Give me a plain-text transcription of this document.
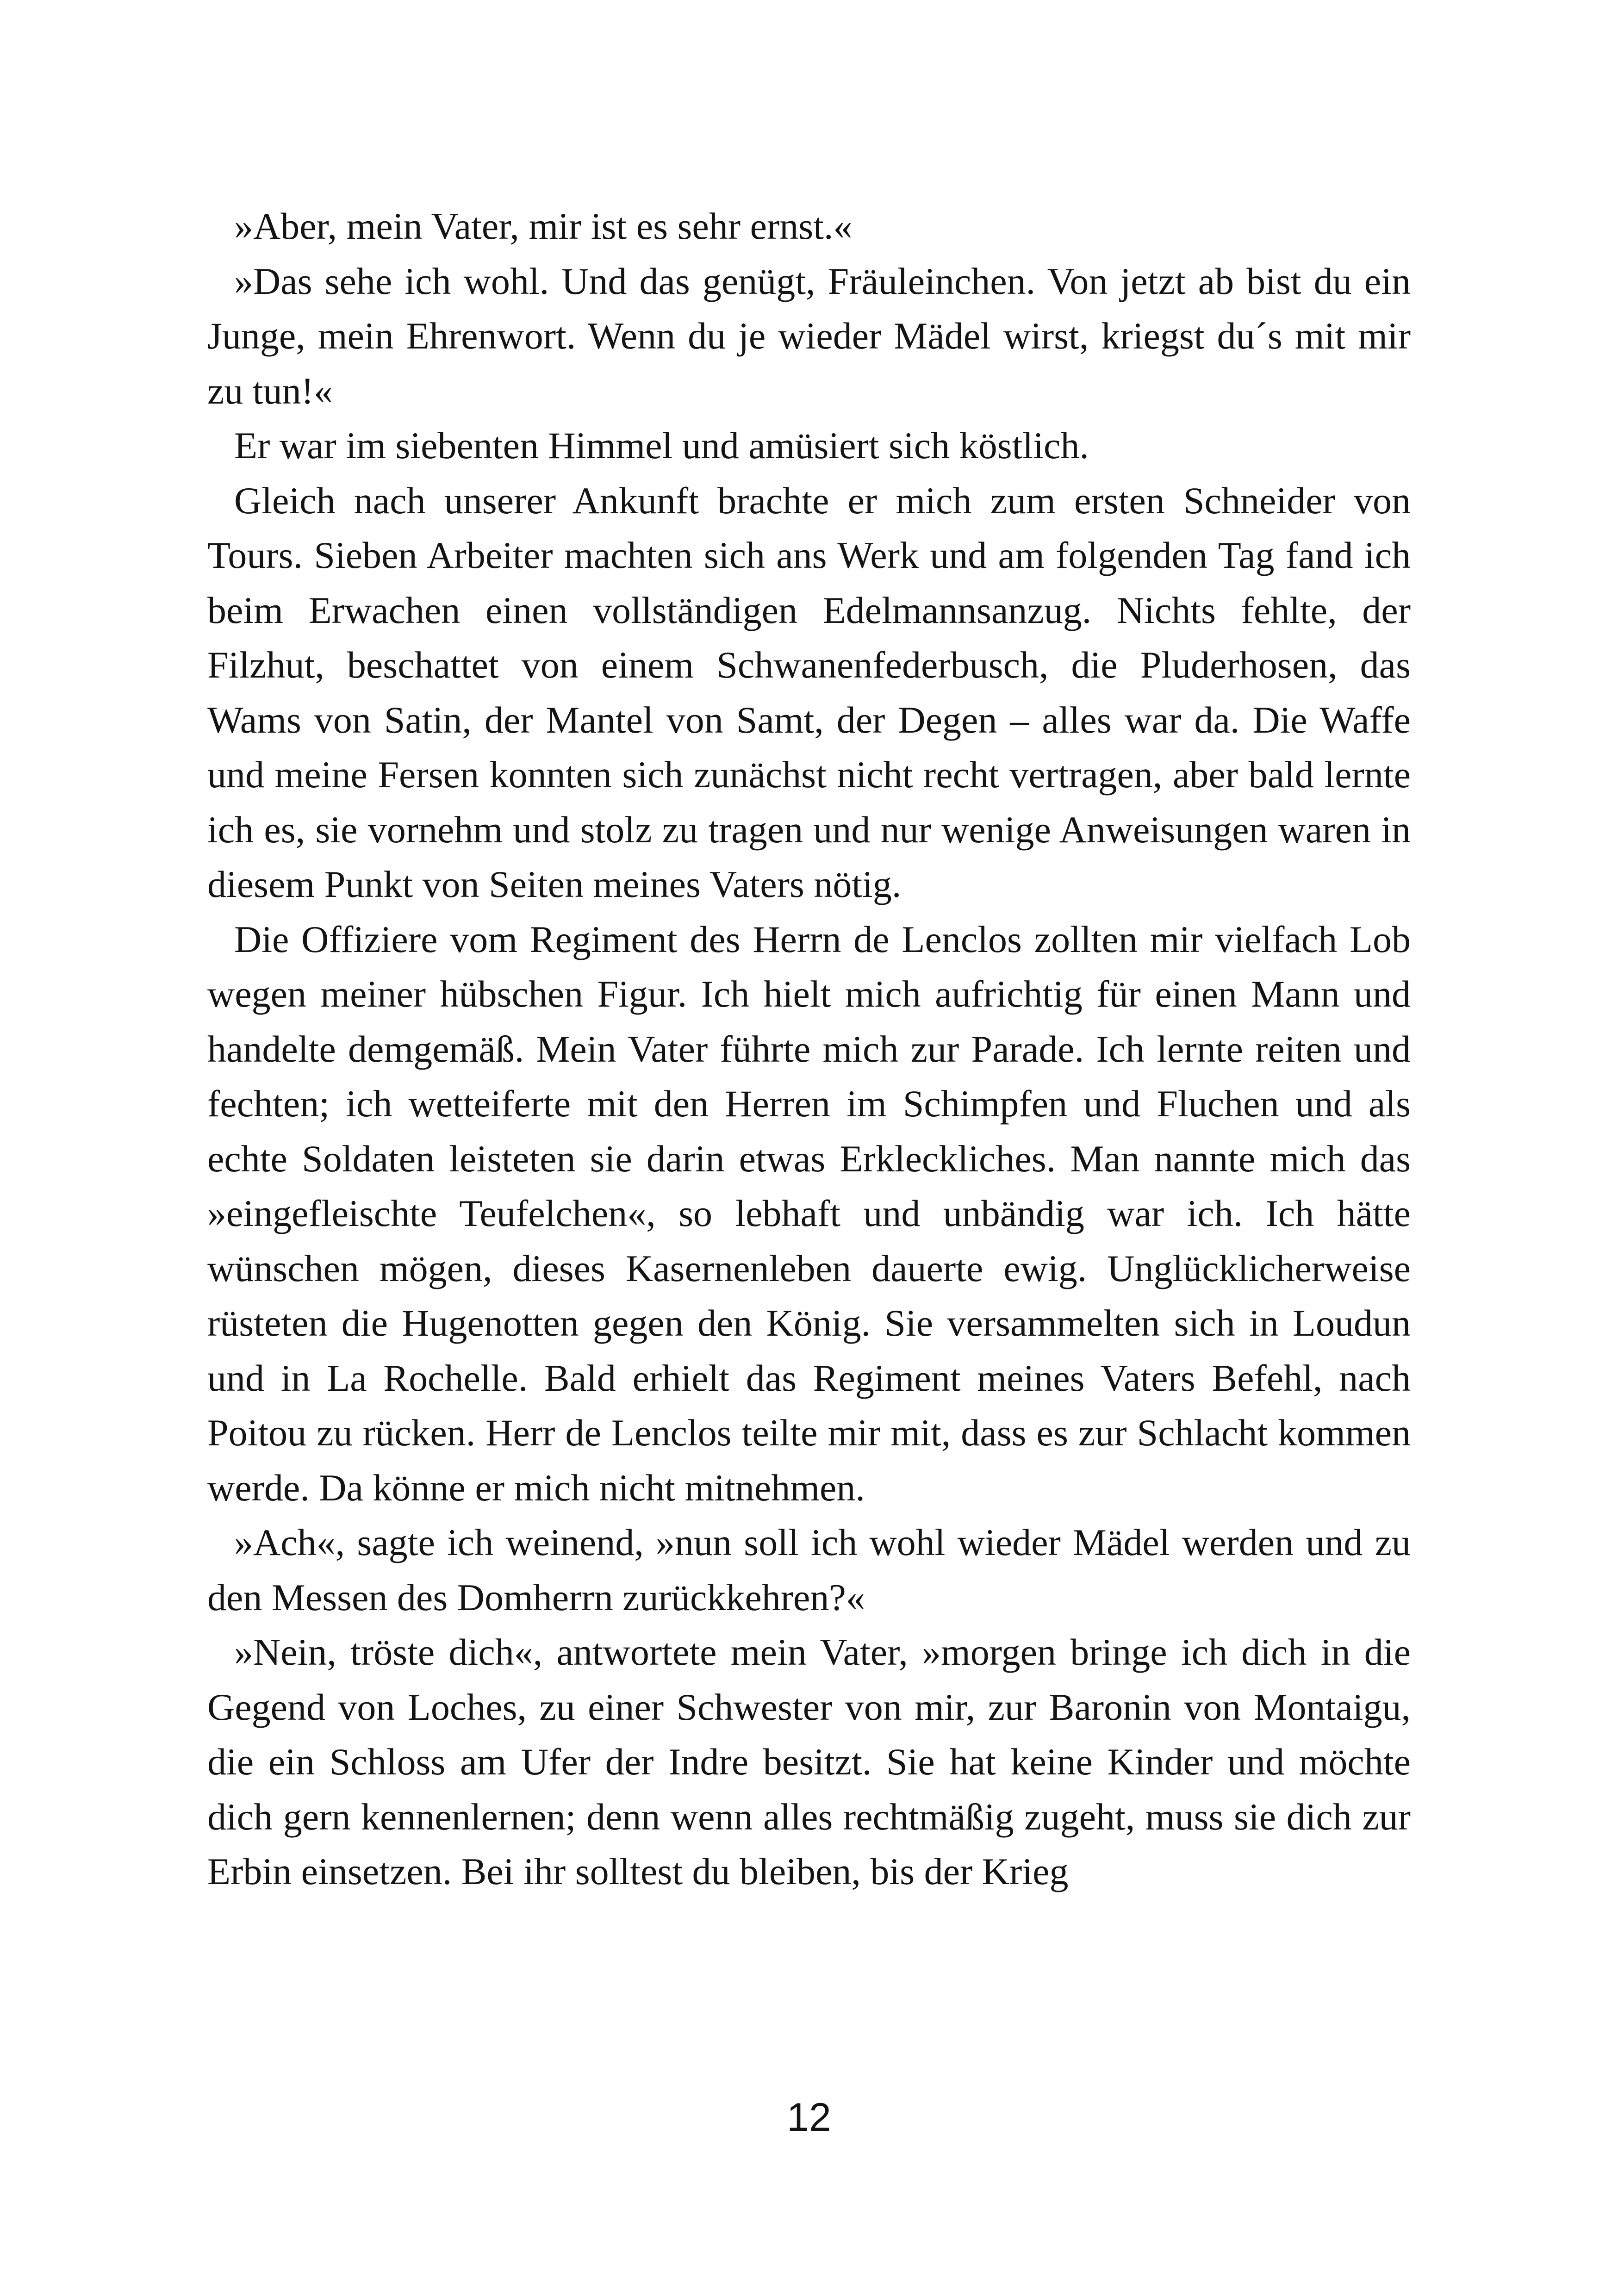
»Aber, mein Vater, mir ist es sehr ernst.«

»Das sehe ich wohl. Und das genügt, Fräuleinchen. Von jetzt ab bist du ein Junge, mein Ehrenwort. Wenn du je wieder Mädel wirst, kriegst du´s mit mir zu tun!«

Er war im siebenten Himmel und amüsiert sich köstlich.

Gleich nach unserer Ankunft brachte er mich zum ersten Schneider von Tours. Sieben Arbeiter machten sich ans Werk und am folgenden Tag fand ich beim Erwachen einen vollständigen Edelmannsanzug. Nichts fehlte, der Filzhut, beschattet von einem Schwanenfederbusch, die Pluderhosen, das Wams von Satin, der Mantel von Samt, der Degen – alles war da. Die Waffe und meine Fersen konnten sich zunächst nicht recht vertragen, aber bald lernte ich es, sie vornehm und stolz zu tragen und nur wenige Anweisungen waren in diesem Punkt von Seiten meines Vaters nötig.

Die Offiziere vom Regiment des Herrn de Lenclos zollten mir vielfach Lob wegen meiner hübschen Figur. Ich hielt mich aufrichtig für einen Mann und handelte demgemäß. Mein Vater führte mich zur Parade. Ich lernte reiten und fechten; ich wetteiferte mit den Herren im Schimpfen und Fluchen und als echte Soldaten leisteten sie darin etwas Erkleckliches. Man nannte mich das »eingefleischte Teufelchen«, so lebhaft und unbändig war ich. Ich hätte wünschen mögen, dieses Kasernenleben dauerte ewig. Unglücklicherweise rüsteten die Hugenotten gegen den König. Sie versammelten sich in Loudun und in La Rochelle. Bald erhielt das Regiment meines Vaters Befehl, nach Poitou zu rücken. Herr de Lenclos teilte mir mit, dass es zur Schlacht kommen werde. Da könne er mich nicht mitnehmen.

»Ach«, sagte ich weinend, »nun soll ich wohl wieder Mädel werden und zu den Messen des Domherrn zurückkehren?«

»Nein, tröste dich«, antwortete mein Vater, »morgen bringe ich dich in die Gegend von Loches, zu einer Schwester von mir, zur Baronin von Montaigu, die ein Schloss am Ufer der Indre besitzt. Sie hat keine Kinder und möchte dich gern kennenlernen; denn wenn alles rechtmäßig zugeht, muss sie dich zur Erbin einsetzen. Bei ihr solltest du bleiben, bis der Krieg

12
